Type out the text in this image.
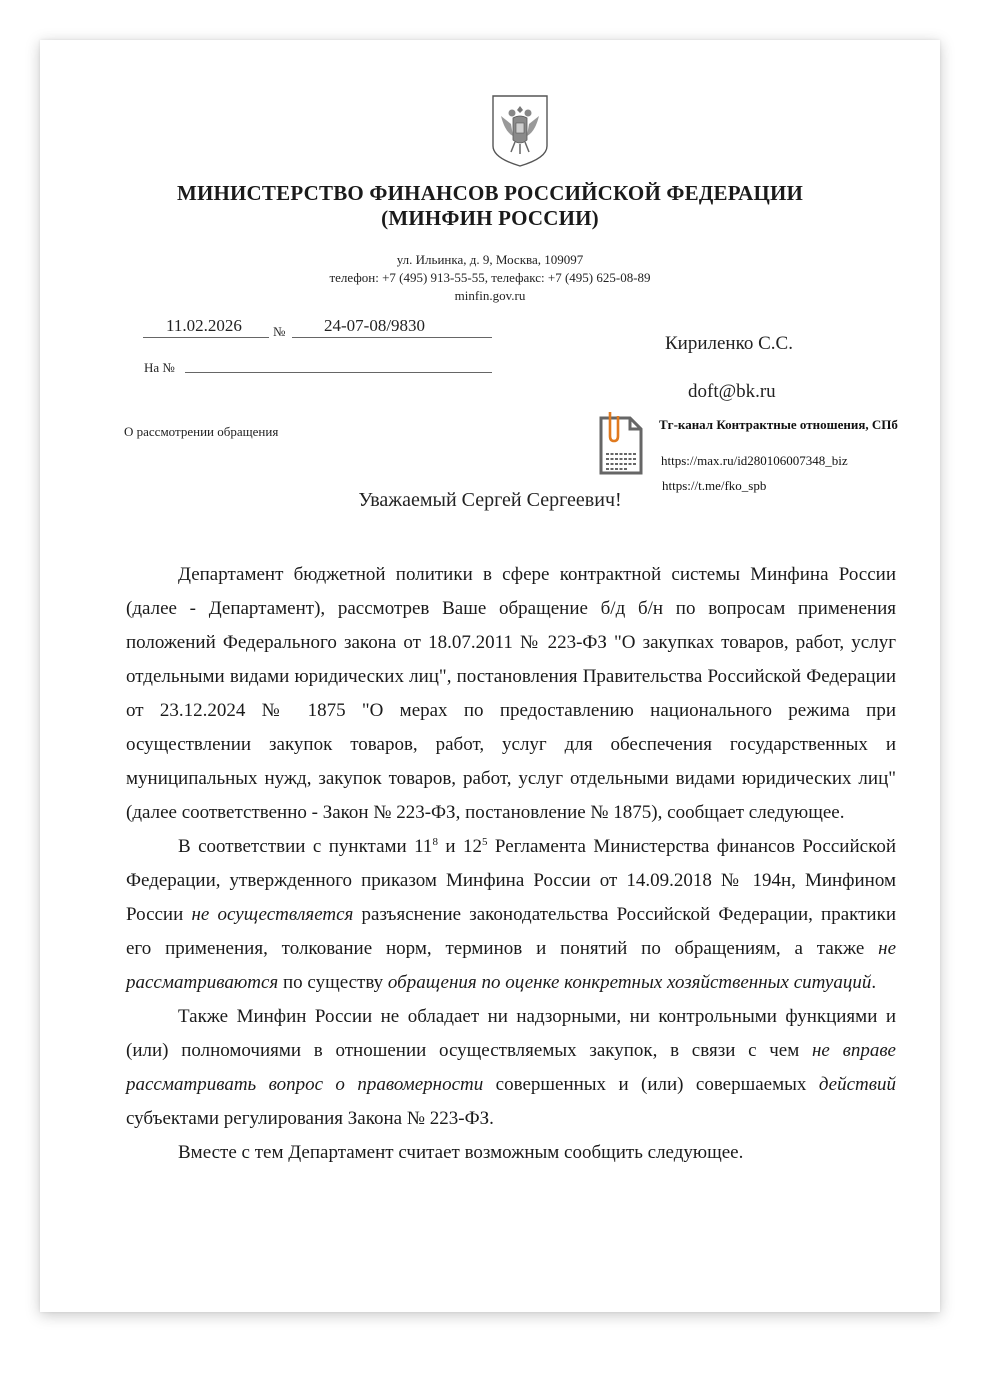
МИНИСТЕРСТВО ФИНАНСОВ РОССИЙСКОЙ ФЕДЕРАЦИИ
(МИНФИН РОССИИ)
ул. Ильинка, д. 9, Москва, 109097
телефон: +7 (495) 913-55-55, телефакс: +7 (495) 625-08-89
minfin.gov.ru
11.02.2026 № 24-07-08/9830
На №
О рассмотрении обращения
Кириленко С.С.
doft@bk.ru
Тг-канал Контрактные отношения, СПб
https://max.ru/id280106007348_biz
https://t.me/fko_spb
Уважаемый Сергей Сергеевич!

Департамент бюджетной политики в сфере контрактной системы Минфина России (далее - Департамент), рассмотрев Ваше обращение б/д б/н по вопросам применения положений Федерального закона от 18.07.2011 № 223-ФЗ "О закупках товаров, работ, услуг отдельными видами юридических лиц", постановления Правительства Российской Федерации от 23.12.2024 № 1875 "О мерах по предоставлению национального режима при осуществлении закупок товаров, работ, услуг для обеспечения государственных и муниципальных нужд, закупок товаров, работ, услуг отдельными видами юридических лиц" (далее соответственно - Закон № 223-ФЗ, постановление № 1875), сообщает следующее.

В соответствии с пунктами $11^8$ и $12^5$ Регламента Министерства финансов Российской Федерации, утвержденного приказом Минфина России от 14.09.2018 № 194н, Минфином России не осуществляется разъяснение законодательства Российской Федерации, практики его применения, толкование норм, терминов и понятий по обращениям, а также не рассматриваются по существу обращения по оценке конкретных хозяйственных ситуаций.

Также Минфин России не обладает ни надзорными, ни контрольными функциями и (или) полномочиями в отношении осуществляемых закупок, в связи с чем не вправе рассматривать вопрос о правомерности совершенных и (или) совершаемых действий субъектами регулирования Закона № 223-ФЗ.

Вместе с тем Департамент считает возможным сообщить следующее.
